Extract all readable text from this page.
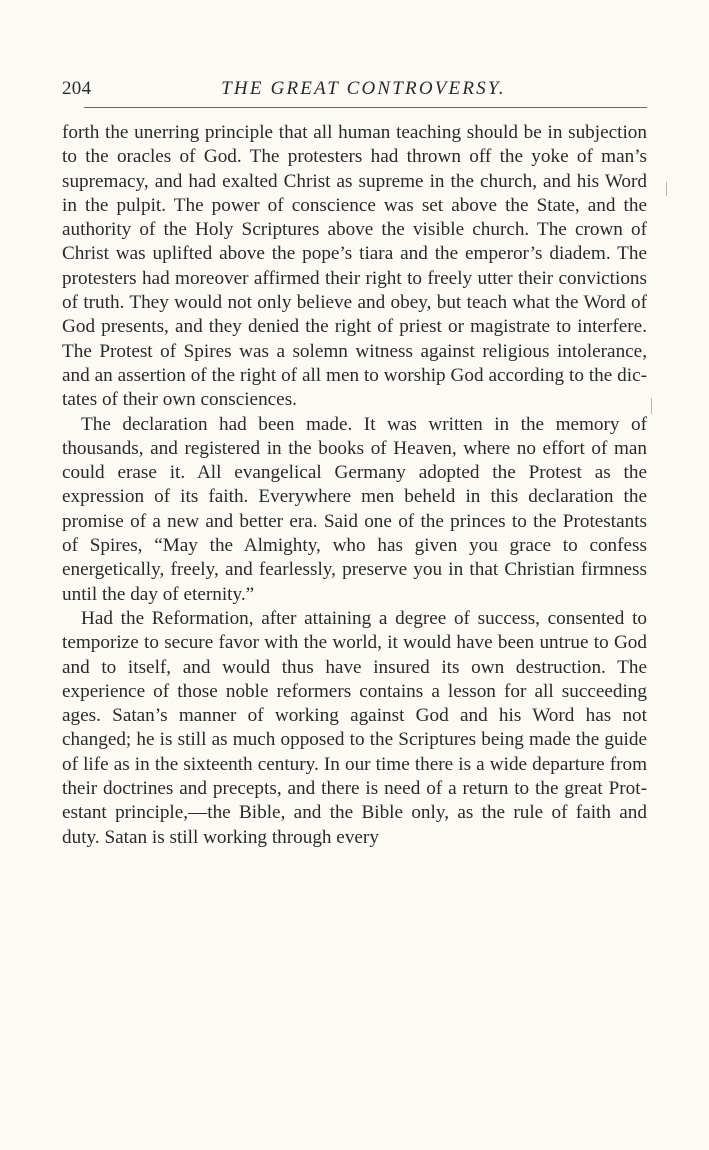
204	THE GREAT CONTROVERSY.

forth the unerring principle that all human teaching should be in subjection to the oracles of God. The protesters had thrown off the yoke of man’s supremacy, and had exalted Christ as supreme in the church, and his Word in the pulpit. The power of conscience was set above the State, and the authority of the Holy Scriptures above the visible church. The crown of Christ was uplifted above the pope’s tiara and the emperor’s diadem. The protesters had moreover affirmed their right to freely utter their convictions of truth. They would not only believe and obey, but teach what the Word of God presents, and they denied the right of priest or magistrate to interfere. The Protest of Spires was a solemn witness against religious intolerance, and an assertion of the right of all men to worship God according to the dictates of their own consciences.

The declaration had been made. It was written in the memory of thousands, and registered in the books of Heaven, where no effort of man could erase it. All evangelical Germany adopted the Protest as the expression of its faith. Everywhere men beheld in this declaration the promise of a new and better era. Said one of the princes to the Protestants of Spires, “May the Almighty, who has given you grace to confess energetically, freely, and fearlessly, preserve you in that Christian firmness until the day of eternity.”

Had the Reformation, after attaining a degree of success, consented to temporize to secure favor with the world, it would have been untrue to God and to itself, and would thus have insured its own destruction. The experience of those noble reformers contains a lesson for all succeeding ages. Satan’s manner of working against God and his Word has not changed; he is still as much opposed to the Scriptures being made the guide of life as in the sixteenth century. In our time there is a wide departure from their doctrines and precepts, and there is need of a return to the great Protestant principle,—the Bible, and the Bible only, as the rule of faith and duty. Satan is still working through every
